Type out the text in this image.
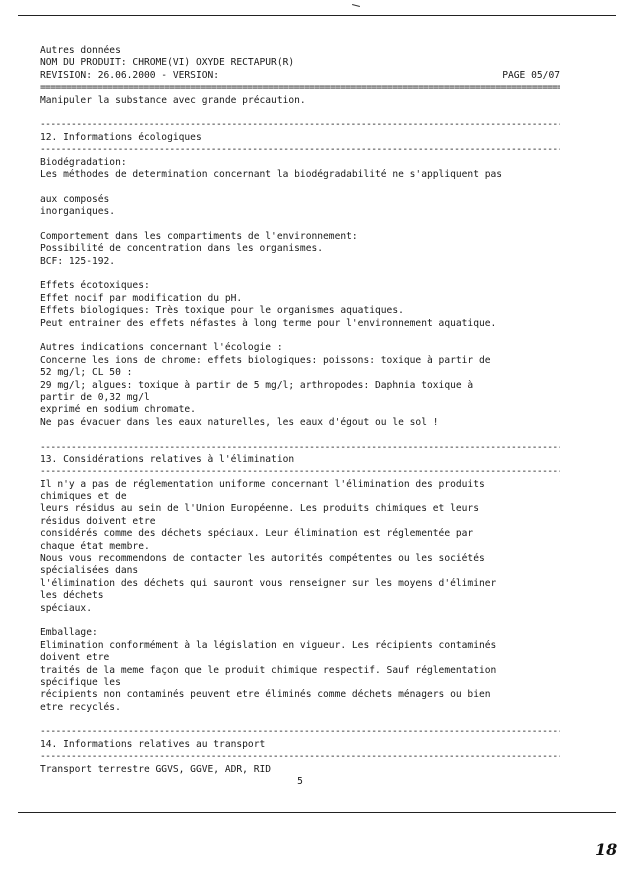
Autres données
NOM DU PRODUIT: CHROME(VI) OXYDE RECTAPUR(R)
REVISION: 26.06.2000 - VERSION:	PAGE 05/07
=====
Manipuler la substance avec grande précaution.
-----
12. Informations écologiques
-----
Biodégradation:
Les méthodes de determination concernant la biodégradabilité ne s'appliquent pas
aux composés
inorganiques.
Comportement dans les compartiments de l'environnement:
Possibilité de concentration dans les organismes.
BCF: 125-192.
Effets écotoxiques:
Effet nocif par modification du pH.
Effets biologiques: Très toxique pour le organismes aquatiques.
Peut entrainer des effets néfastes à long terme pour l'environnement aquatique.
Autres indications concernant l'écologie :
Concerne les ions de chrome: effets biologiques: poissons: toxique à partir de
52 mg/l; CL 50 :
29 mg/l; algues: toxique à partir de 5 mg/l; arthropodes: Daphnia toxique à
partir de 0,32 mg/l
exprimé en sodium chromate.
Ne pas évacuer dans les eaux naturelles, les eaux d'égout ou le sol !
-----
13. Considérations relatives à l'élimination
-----
Il n'y a pas de réglementation uniforme concernant l'élimination des produits
chimiques et de
leurs résidus au sein de l'Union Européenne. Les produits chimiques et leurs
résidus doivent etre
considérés comme des déchets spéciaux. Leur élimination est réglementée par
chaque état membre.
Nous vous recommendons de contacter les autorités compétentes ou les sociétés
spécialisées dans
l'élimination des déchets qui sauront vous renseigner sur les moyens d'éliminer
les déchets
spéciaux.
Emballage:
Elimination conformément à la législation en vigueur. Les récipients contaminés
doivent etre
traités de la meme façon que le produit chimique respectif. Sauf réglementation
spécifique les
récipients non contaminés peuvent etre éliminés comme déchets ménagers ou bien
etre recyclés.
-----
14. Informations relatives au transport
-----
Transport terrestre GGVS, GGVE, ADR, RID
5
18
